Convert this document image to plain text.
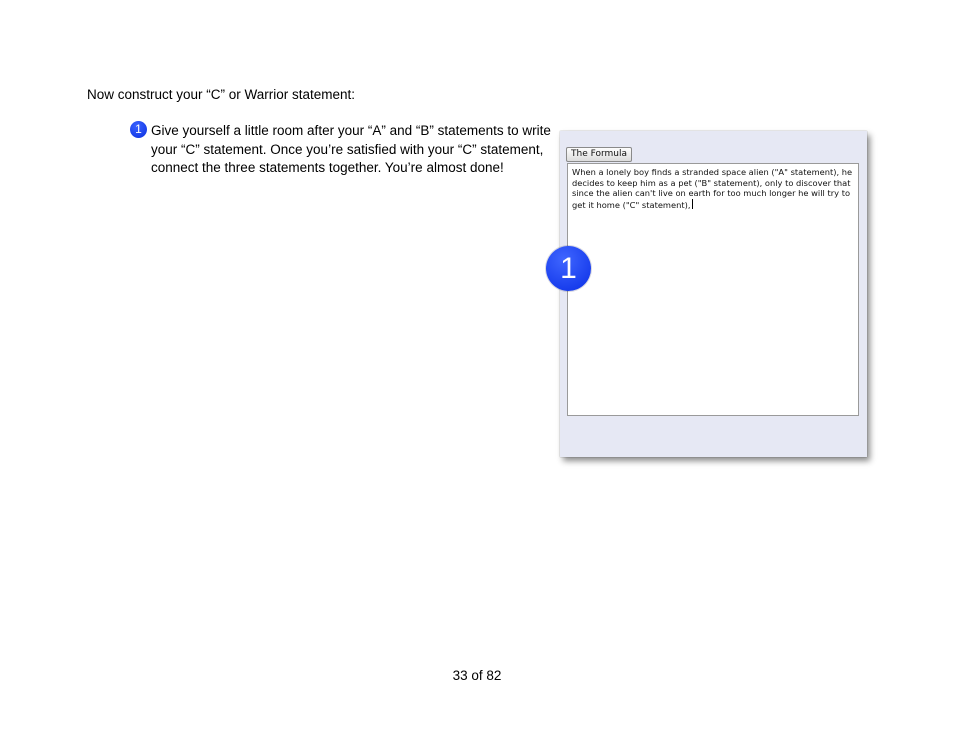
Now construct your “C” or Warrior statement:
1 Give yourself a little room after your “A” and “B” statements to write your “C” statement. Once you’re satisfied with your “C” statement, connect the three statements together. You’re almost done!
The Formula
When a lonely boy finds a stranded space alien ("A" statement), he decides to keep him as a pet ("B" statement), only to discover that since the alien can't live on earth for too much longer he will try to get it home ("C" statement),
1
33 of 82
